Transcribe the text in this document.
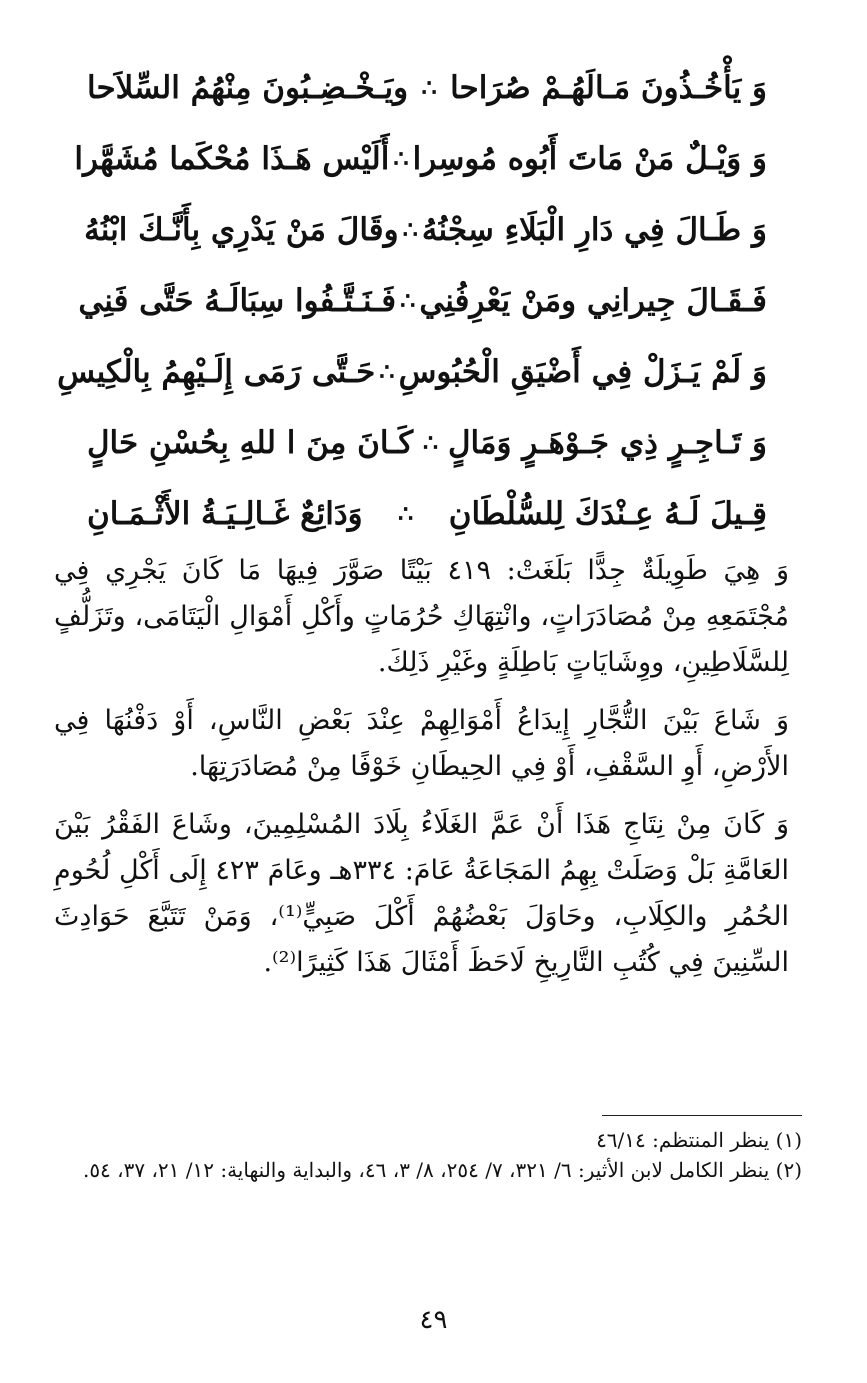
وَ يَأْخُـذُونَ مَـالَهُـمْ صُرَاحا
∴
ويَـخْـضِـبُونَ مِنْهُمُ السِّلاَحا
وَ وَيْـلٌ مَنْ مَاتَ أَبُوه مُوسِرا
∴
أَلَيْس هَـذَا مُحْكَما مُشَهَّرا
وَ طَـالَ فِي دَارِ الْبَلَاءِ سِجْنُهُ
∴
وقَالَ مَنْ يَدْرِي بِأَنَّـكَ ابْنُهُ
فَـقَـالَ جِيرانِي ومَنْ يَعْرِفُنِي
∴
فَـنَـتَّـفُوا سِبَالَـهُ حَتَّى فَنِي
وَ لَمْ يَـزَلْ فِي أَضْيَقِ الْحُبُوسِ
∴
حَـتَّى رَمَى إِلَـيْهِمُ بِالْكِيسِ
وَ تَـاجِـرٍ ذِي جَـوْهَـرٍ وَمَالٍ
∴
كَـانَ مِنَ ا للهِ بِحُسْنِ حَالٍ
قِـيلَ لَـهُ عِـنْدَكَ لِلسُّلْطَانِ
∴
وَدَائِعٌ غَـالِـيَـةُ الأَثْـمَـانِ

وَ هِيَ طَوِيلَةٌ جِدًّا بَلَغَتْ: ٤١٩ بَيْتًا صَوَّرَ فِيهَا مَا كَانَ يَجْرِي فِي مُجْتَمَعِهِ مِنْ مُصَادَرَاتٍ، وانْتِهَاكِ حُرُمَاتٍ وأَكْلِ أَمْوَالِ الْيَتَامَى، وتَزَلُّفٍ لِلسَّلَاطِينِ، ووِشَايَاتٍ بَاطِلَةٍ وغَيْرِ ذَلِكَ.

وَ شَاعَ بَيْنَ التُّجَّارِ إِيدَاعُ أَمْوَالِهِمْ عِنْدَ بَعْضِ النَّاسِ، أَوْ دَفْنُهَا فِي الأَرْضِ، أَوِ السَّقْفِ، أَوْ فِي الحِيطَانِ خَوْفًا مِنْ مُصَادَرَتِهَا.

وَ كَانَ مِنْ نِتَاجِ هَذَا أَنْ عَمَّ الغَلَاءُ بِلَادَ المُسْلِمِينَ، وشَاعَ الفَقْرُ بَيْنَ العَامَّةِ بَلْ وَصَلَتْ بِهِمُ المَجَاعَةُ عَامَ: ٣٣٤هـ وعَامَ ٤٢٣ إِلَى أَكْلِ لُحُومِ الحُمُرِ والكِلَابِ، وحَاوَلَ بَعْضُهُمْ أَكْلَ صَبِيٍّ⁽¹⁾، وَمَنْ تَتَبَّعَ حَوَادِثَ السِّنِينَ فِي كُتُبِ التَّارِيخِ لَاحَظَ أَمْثَالَ هَذَا كَثِيرًا⁽²⁾.

(١) ينظر المنتظم: ٤٦/١٤

(٢) ينظر الكامل لابن الأثير: ٦/ ٣٢١، ٧/ ٢٥٤، ٨/ ٣، ٤٦، والبداية والنهاية: ١٢/ ٢١، ٣٧، ٥٤.

٤٩
